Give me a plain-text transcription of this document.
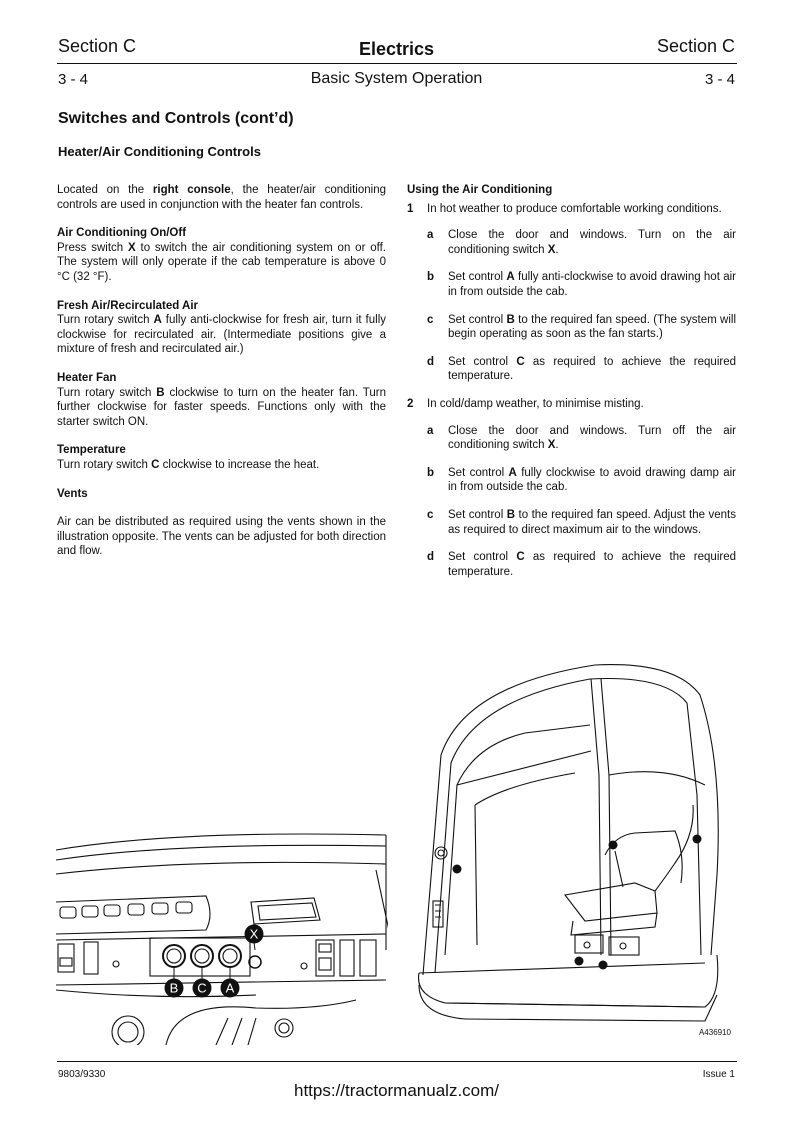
Section C	Electrics	Section C
3 - 4	Basic System Operation	3 - 4
Switches and Controls (cont’d)
Heater/Air Conditioning Controls

Located on the right console, the heater/air conditioning controls are used in conjunction with the heater fan controls.

Air Conditioning On/Off
Press switch X to switch the air conditioning system on or off. The system will only operate if the cab temperature is above 0 °C (32 °F).

Fresh Air/Recirculated Air
Turn rotary switch A fully anti-clockwise for fresh air, turn it fully clockwise for recirculated air. (Intermediate positions give a mixture of fresh and recirculated air.)

Heater Fan
Turn rotary switch B clockwise to turn on the heater fan. Turn further clockwise for faster speeds. Functions only with the starter switch ON.

Temperature
Turn rotary switch C clockwise to increase the heat.

Vents

Air can be distributed as required using the vents shown in the illustration opposite. The vents can be adjusted for both direction and flow.

Using the Air Conditioning
1	In hot weather to produce comfortable working conditions.
a	Close the door and windows. Turn on the air conditioning switch X.
b	Set control A fully anti-clockwise to avoid drawing hot air in from outside the cab.
c	Set control B to the required fan speed. (The system will begin operating as soon as the fan starts.)
d	Set control C as required to achieve the required temperature.
2	In cold/damp weather, to minimise misting.
a	Close the door and windows. Turn off the air conditioning switch X.
b	Set control A fully clockwise to avoid drawing damp air in from outside the cab.
c	Set control B to the required fan speed. Adjust the vents as required to direct maximum air to the windows.
d	Set control C as required to achieve the required temperature.
X
B C A
A436910
9803/9330	Issue 1
https://tractormanualz.com/
